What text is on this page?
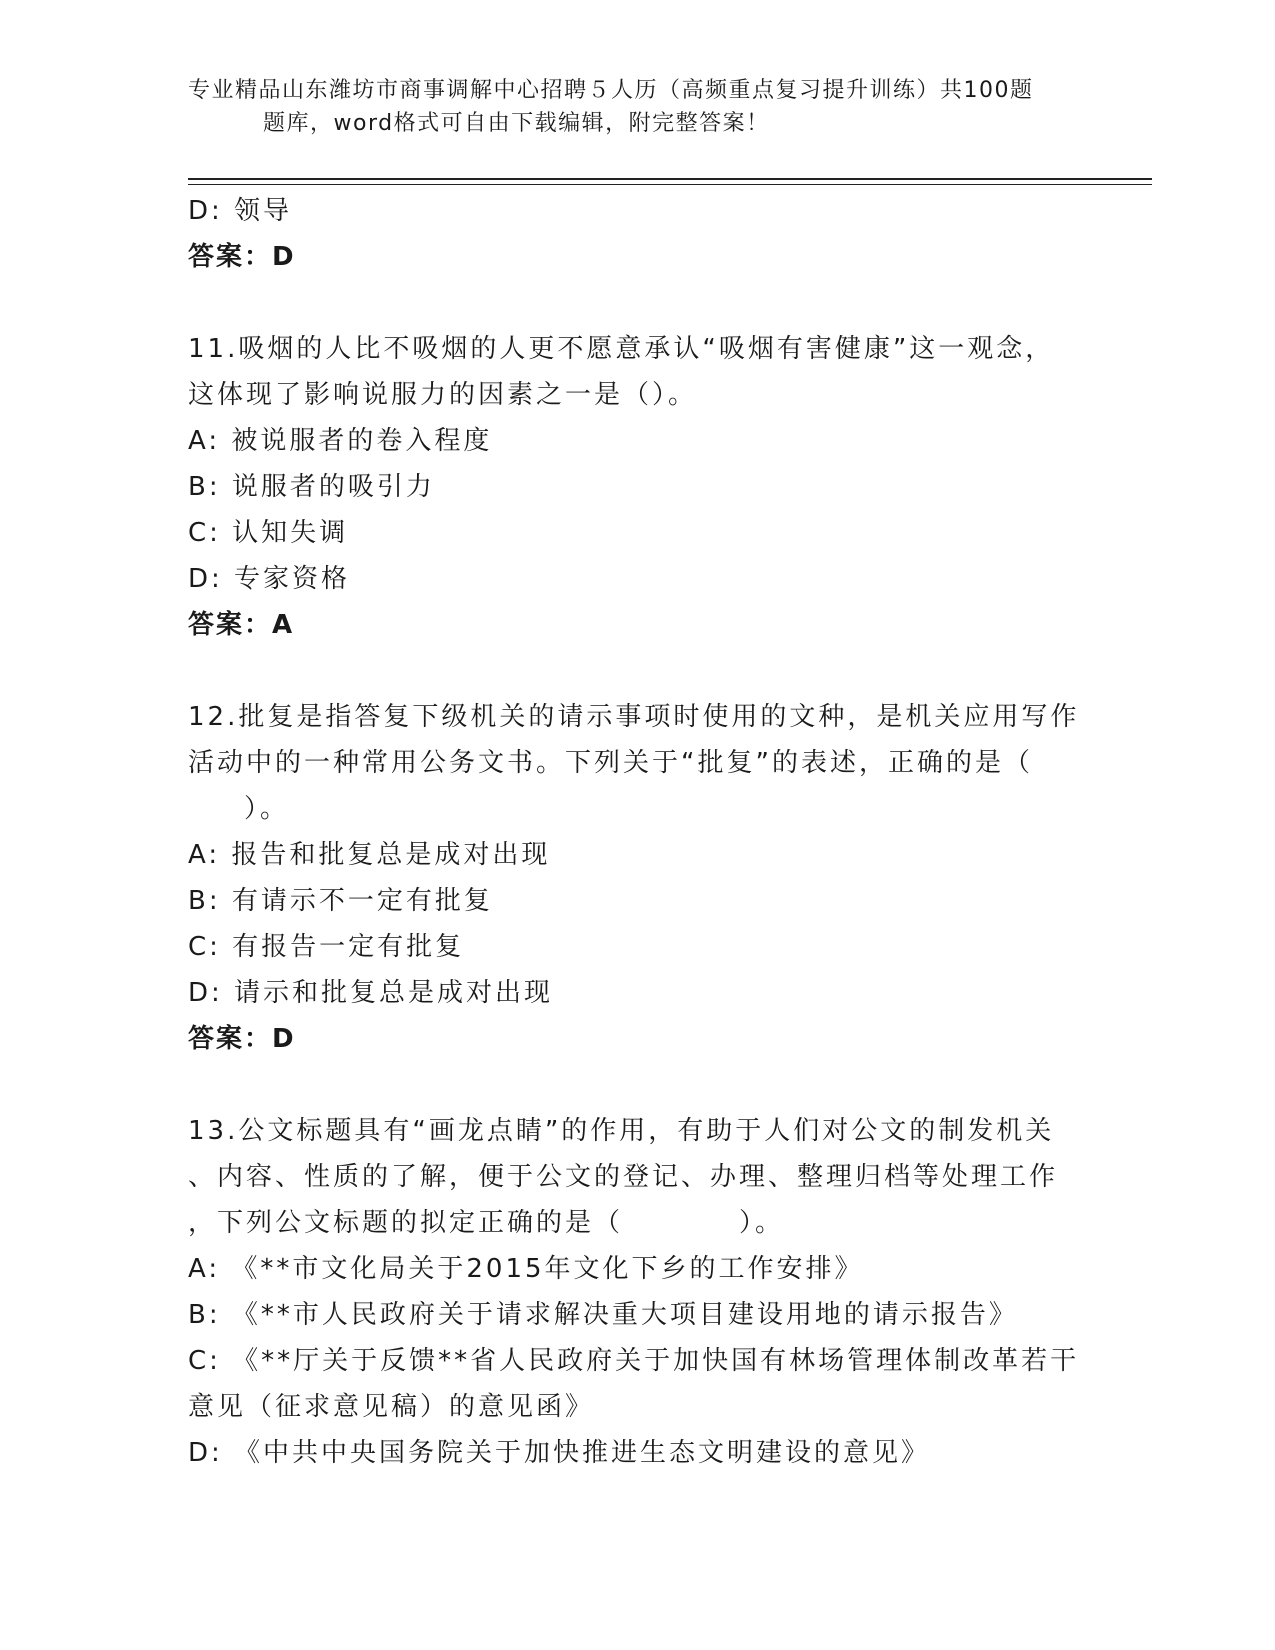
专业精品山东潍坊市商事调解中心招聘５人历（高频重点复习提升训练）共100题
题库，word格式可自由下载编辑，附完整答案！

D: 领导

答案：D

11.吸烟的人比不吸烟的人更不愿意承认“吸烟有害健康”这一观念，

这体现了影响说服力的因素之一是（）。

A: 被说服者的卷入程度

B: 说服者的吸引力

C: 认知失调

D: 专家资格

答案：A

12.批复是指答复下级机关的请示事项时使用的文种，是机关应用写作

活动中的一种常用公务文书。下列关于“批复”的表述，正确的是（

）。

A: 报告和批复总是成对出现

B: 有请示不一定有批复

C: 有报告一定有批复

D: 请示和批复总是成对出现

答案：D

13.公文标题具有“画龙点睛”的作用，有助于人们对公文的制发机关

、内容、性质的了解，便于公文的登记、办理、整理归档等处理工作

，下列公文标题的拟定正确的是（　　　　）。

A: 《**市文化局关于2015年文化下乡的工作安排》

B: 《**市人民政府关于请求解决重大项目建设用地的请示报告》

C: 《**厅关于反馈**省人民政府关于加快国有林场管理体制改革若干

意见（征求意见稿）的意见函》

D: 《中共中央国务院关于加快推进生态文明建设的意见》
